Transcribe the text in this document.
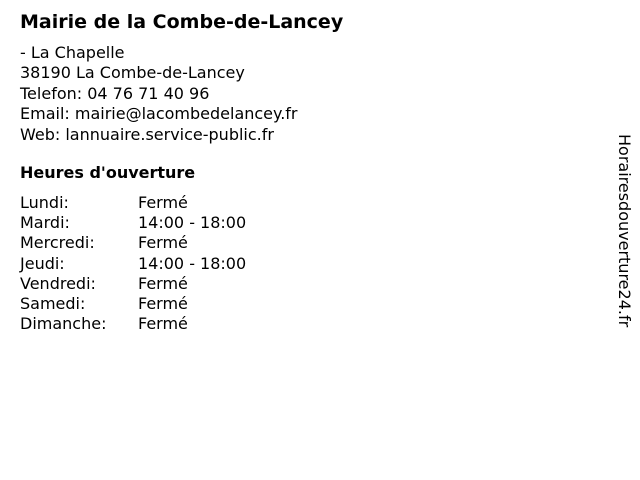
Mairie de la Combe-de-Lancey
- La Chapelle
38190 La Combe-de-Lancey
Telefon: 04 76 71 40 96
Email: mairie@lacombedelancey.fr
Web: lannuaire.service-public.fr
Heures d'ouverture
Lundi:	Fermé
Mardi:	14:00 - 18:00
Mercredi:	Fermé
Jeudi:	14:00 - 18:00
Vendredi:	Fermé
Samedi:	Fermé
Dimanche: Fermé	Horairesdouverture24.fr
